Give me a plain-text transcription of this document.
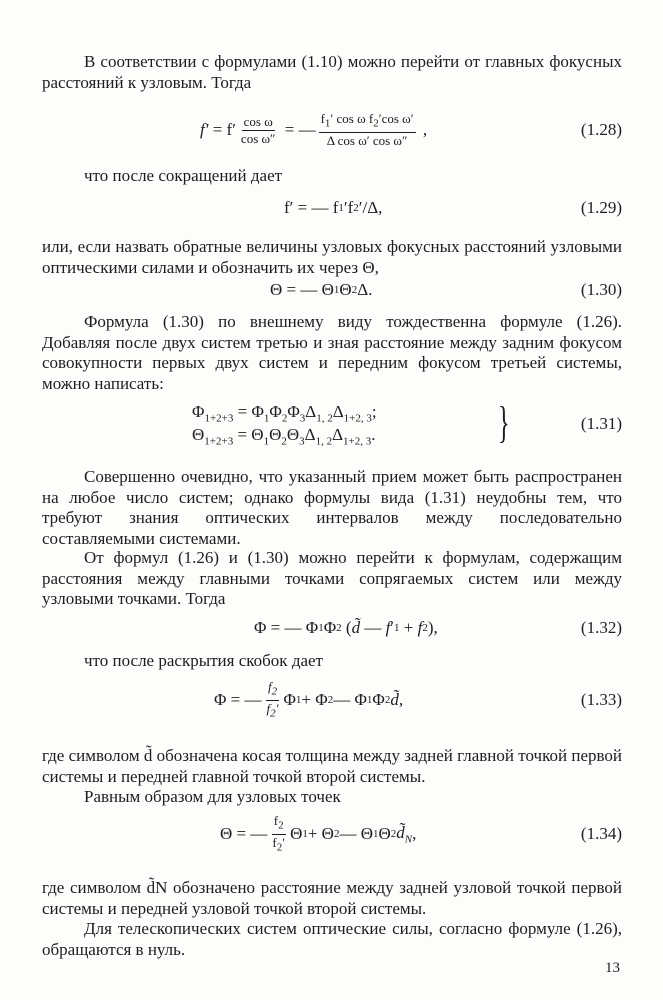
В соответствии с формулами (1.10) можно перейти от главных фокусных расстояний к узловым. Тогда

$f' = f' \frac{\text{cos ω}}{\text{cos ω″}}$ = — $\frac{f_1' \cos \omega f_2'\cos \omega'}{\text{Δ cos ω′ cos ω″}}$ ,	(1.28)

что после сокращений дает

f′ = — f 1 ′f 2 ′/Δ,	(1.29)

или, если назвать обратные величины узловых фокусных расстояний узловыми оптическими силами и обозначить их через Θ,

Θ = — Θ 1 Θ 2 Δ.	(1.30)

Формула (1.30) по внешнему виду тождественна формуле (1.26). Добавляя после двух систем третью и зная расстояние между задним фокусом совокупности первых двух систем и передним фокусом третьей системы, можно написать:

$\Phi_{1+2+3} = \Phi_1\Phi_2\Phi_3\Delta_{1, 2}\Delta_{1+2, 3}$;
$\Theta_{1+2+3} = \Theta_1\Theta_2\Theta_3\Delta_{1, 2}\Delta_{1+2, 3}$.	}	(1.31)

Совершенно очевидно, что указанный прием может быть распространен на любое число систем; однако формулы вида (1.31) неудобны тем, что требуют знания оптических интервалов между последовательно составляемыми системами.

От формул (1.26) и (1.30) можно перейти к формулам, содержащим расстояния между главными точками сопрягаемых систем или между узловыми точками. Тогда

Φ = — Φ 1 Φ 2 ( d̃ — f ′ 1 + f 2 ),	(1.32)

что после раскрытия скобок дает

Φ = — $\frac{f_2}{f_2'}$ Φ 1 + Φ 2 — Φ 1 Φ 2 d̃ ,	(1.33)

где символом d̃ обозначена косая толщина между задней главной точкой первой системы и передней главной точкой второй системы.

Равным образом для узловых точек

Θ = — $\frac{f_2}{f_2'}$ Θ 1 + Θ 2 — Θ 1 Θ 2 $d̃_N$ ,	(1.34)

где символом d̃N обозначено расстояние между задней узловой точкой первой системы и передней узловой точкой второй системы.

Для телескопических систем оптические силы, согласно формуле (1.26), обращаются в нуль.

13
